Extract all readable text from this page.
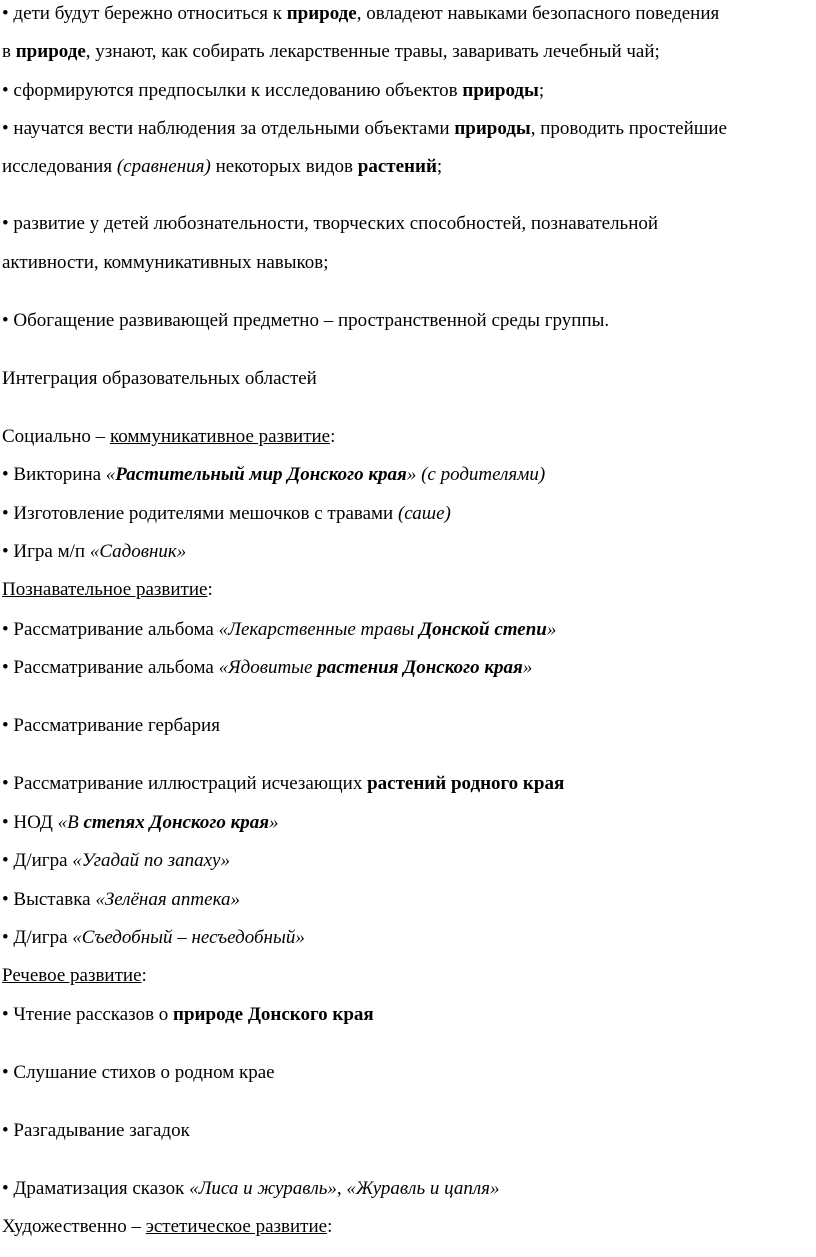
• дети будут бережно относиться к природе, овладеют навыками безопасного поведения
в природе, узнают, как собирать лекарственные травы, заваривать лечебный чай;
• сформируются предпосылки к исследованию объектов природы;
• научатся вести наблюдения за отдельными объектами природы, проводить простейшие
исследования (сравнения) некоторых видов растений;
• развитие у детей любознательности, творческих способностей, познавательной
активности, коммуникативных навыков;
• Обогащение развивающей предметно – пространственной среды группы.
Интеграция образовательных областей
Социально – коммуникативное развитие:
• Викторина «Растительный мир Донского края» (с родителями)
• Изготовление родителями мешочков с травами (саше)
• Игра м/п «Садовник»
Познавательное развитие:
• Рассматривание альбома «Лекарственные травы Донской степи»
• Рассматривание альбома «Ядовитые растения Донского края»
• Рассматривание гербария
• Рассматривание иллюстраций исчезающих растений родного края
• НОД «В степях Донского края»
• Д/игра «Угадай по запаху»
• Выставка «Зелёная аптека»
• Д/игра «Съедобный – несъедобный»
Речевое развитие:
• Чтение рассказов о природе Донского края
• Слушание стихов о родном крае
• Разгадывание загадок
• Драматизация сказок «Лиса и журавль», «Журавль и цапля»
Художественно – эстетическое развитие:
